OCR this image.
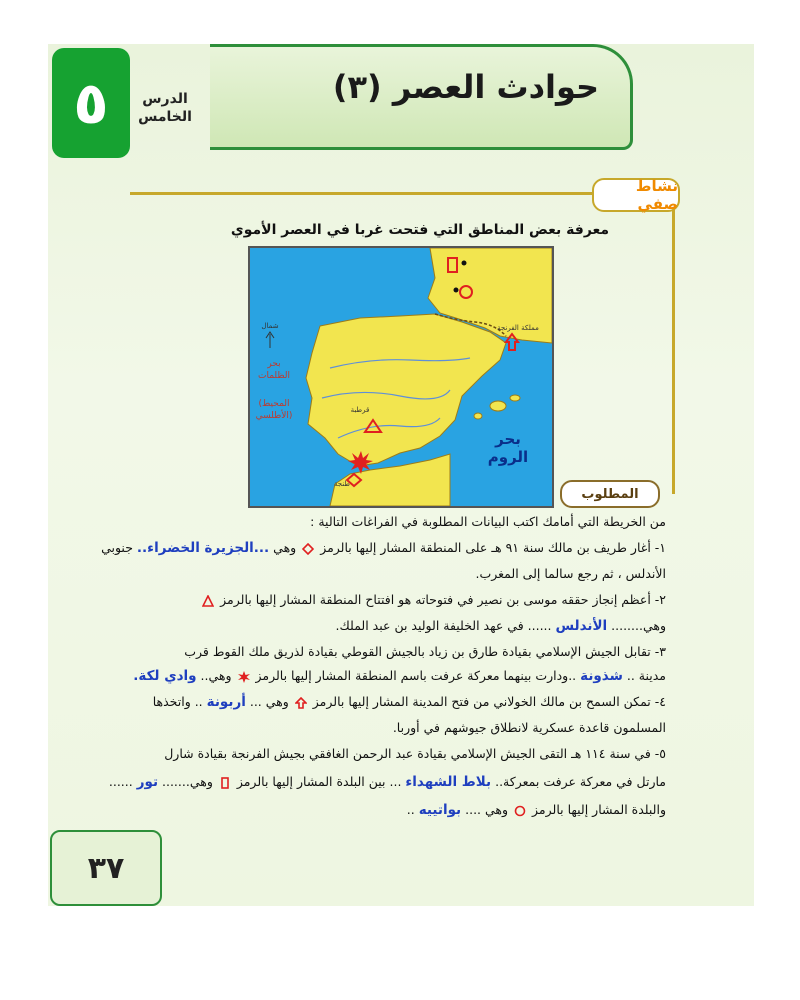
حوادث العصر (٣)
٥	الدرس
الخامس
نشاط صفي
معرفة بعض المناطق التي فتحت غربا في العصر الأموي
بحر
الظلمات
(المحيط
الأطلسي)
بحر
الروم
مملكة الفرنجة
قرطبة
طنجة
شمال
المطلوب
من الخريطة التي أمامك اكتب البيانات المطلوبة في الفراغات التالية :
١- أغار طريف بن مالك سنة ٩١ هـ على المنطقة المشار إليها بالرمز  وهي ...الجزيرة الخضراء.. جنوبي
الأندلس ، ثم رجع سالما إلى المغرب.
٢- أعظم إنجاز حققه موسى بن نصير في فتوحاته هو افتتاح المنطقة المشار إليها بالرمز
وهي........ الأندلس ...... في عهد الخليفة الوليد بن عبد الملك.
٣- تقابل الجيش الإسلامي بقيادة طارق بن زياد بالجيش القوطي بقيادة لذريق ملك القوط قرب
مدينة .. شذونة ..ودارت بينهما معركة عرفت باسم المنطقة المشار إليها بالرمز  وهي.. وادي لكة.
٤- تمكن السمح بن مالك الخولاني من فتح المدينة المشار إليها بالرمز  وهي ... أربونة .. واتخذها
المسلمون قاعدة عسكرية لانطلاق جيوشهم في أوربا.
٥- في سنة ١١٤ هـ التقى الجيش الإسلامي بقيادة عبد الرحمن الغافقي بجيش الفرنجة بقيادة شارل
مارتل في معركة عرفت بمعركة.. بلاط الشهداء ... بين البلدة المشار إليها بالرمز  وهي....... تور ......
والبلدة المشار إليها بالرمز  وهي .... بواتييه ..
٣٧
